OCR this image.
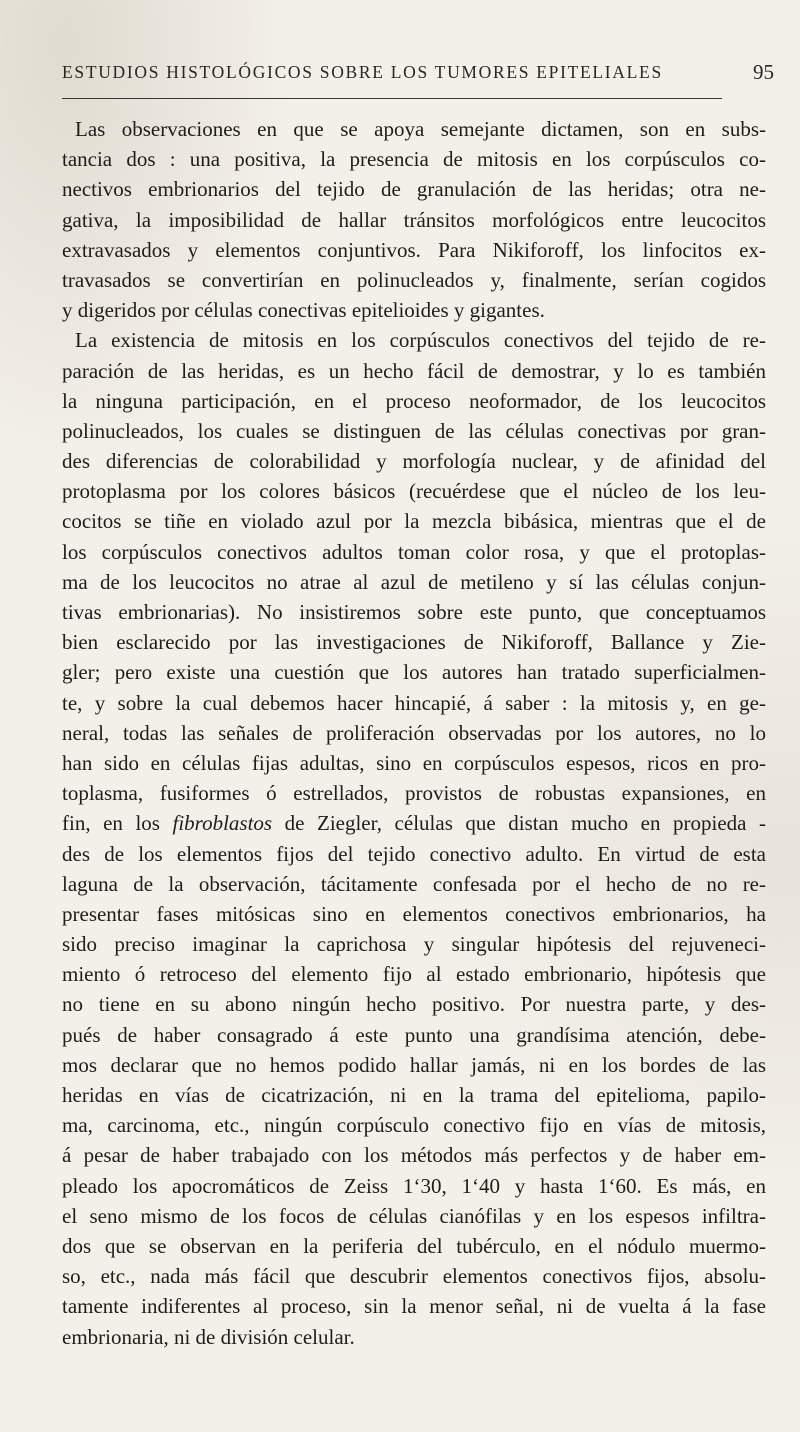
ESTUDIOS HISTOLÓGICOS SOBRE LOS TUMORES EPITELIALES	95
Las observaciones en que se apoya semejante dictamen, son en subs-
tancia dos : una positiva, la presencia de mitosis en los corpúsculos co-
nectivos embrionarios del tejido de granulación de las heridas; otra ne-
gativa, la imposibilidad de hallar tránsitos morfológicos entre leucocitos
extravasados y elementos conjuntivos. Para Nikiforoff, los linfocitos ex-
travasados se convertirían en polinucleados y, finalmente, serían cogidos
y digeridos por células conectivas epitelioides y gigantes.
La existencia de mitosis en los corpúsculos conectivos del tejido de re-
paración de las heridas, es un hecho fácil de demostrar, y lo es también
la ninguna participación, en el proceso neoformador, de los leucocitos
polinucleados, los cuales se distinguen de las células conectivas por gran-
des diferencias de colorabilidad y morfología nuclear, y de afinidad del
protoplasma por los colores básicos (recuérdese que el núcleo de los leu-
cocitos se tiñe en violado azul por la mezcla bibásica, mientras que el de
los corpúsculos conectivos adultos toman color rosa, y que el protoplas-
ma de los leucocitos no atrae al azul de metileno y sí las células conjun-
tivas embrionarias). No insistiremos sobre este punto, que conceptuamos
bien esclarecido por las investigaciones de Nikiforoff, Ballance y Zie-
gler; pero existe una cuestión que los autores han tratado superficialmen-
te, y sobre la cual debemos hacer hincapié, á saber : la mitosis y, en ge-
neral, todas las señales de proliferación observadas por los autores, no lo
han sido en células fijas adultas, sino en corpúsculos espesos, ricos en pro-
toplasma, fusiformes ó estrellados, provistos de robustas expansiones, en
fin, en los fibroblastos de Ziegler, células que distan mucho en propieda -
des de los elementos fijos del tejido conectivo adulto. En virtud de esta
laguna de la observación, tácitamente confesada por el hecho de no re-
presentar fases mitósicas sino en elementos conectivos embrionarios, ha
sido preciso imaginar la caprichosa y singular hipótesis del rejuveneci-
miento ó retroceso del elemento fijo al estado embrionario, hipótesis que
no tiene en su abono ningún hecho positivo. Por nuestra parte, y des-
pués de haber consagrado á este punto una grandísima atención, debe-
mos declarar que no hemos podido hallar jamás, ni en los bordes de las
heridas en vías de cicatrización, ni en la trama del epitelioma, papilo-
ma, carcinoma, etc., ningún corpúsculo conectivo fijo en vías de mitosis,
á pesar de haber trabajado con los métodos más perfectos y de haber em-
pleado los apocromáticos de Zeiss 1‘30, 1‘40 y hasta 1‘60. Es más, en
el seno mismo de los focos de células cianófilas y en los espesos infiltra-
dos que se observan en la periferia del tubérculo, en el nódulo muermo-
so, etc., nada más fácil que descubrir elementos conectivos fijos, absolu-
tamente indiferentes al proceso, sin la menor señal, ni de vuelta á la fase
embrionaria, ni de división celular.
